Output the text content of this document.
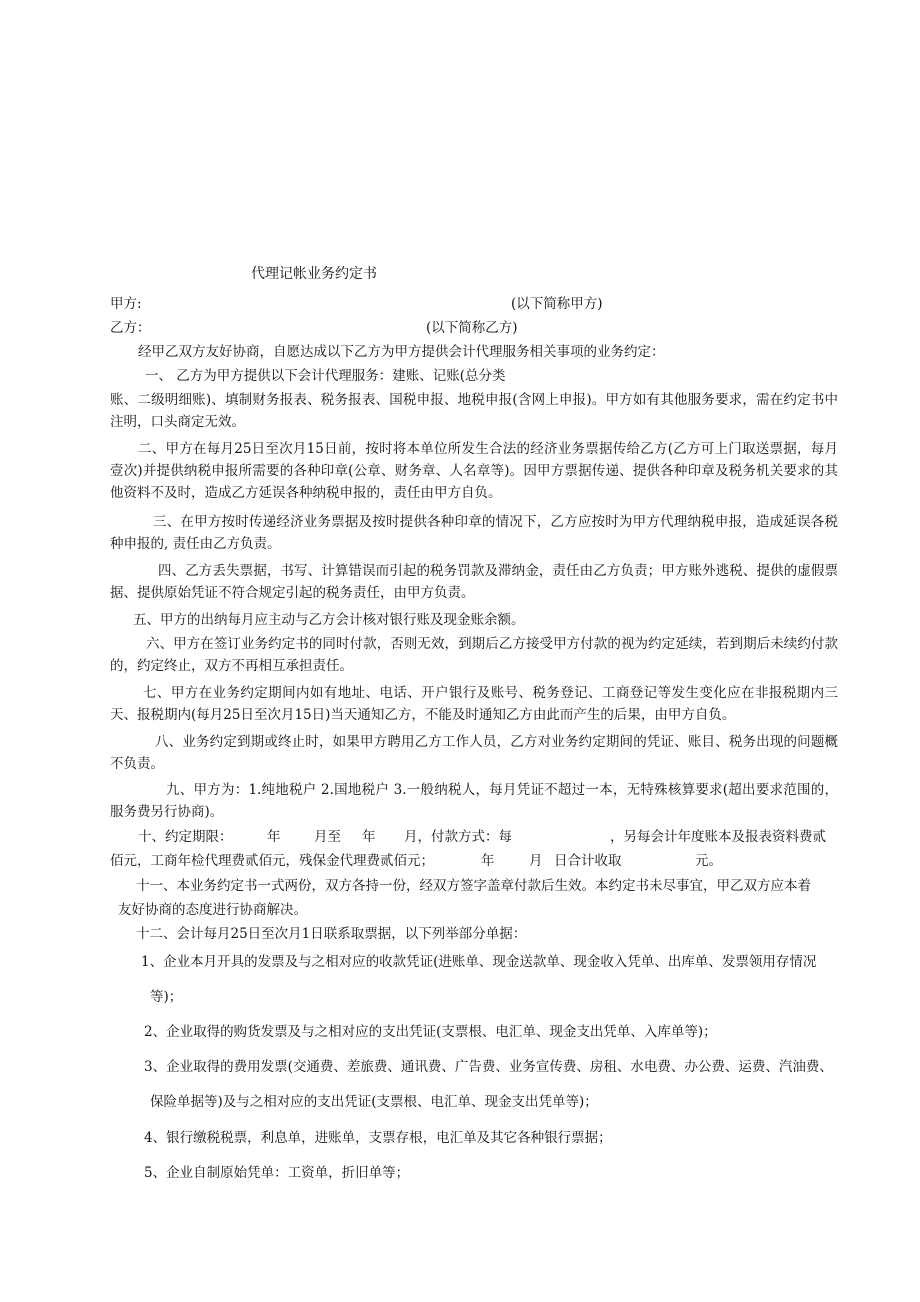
代理记帐业务约定书
甲方:	(以下简称甲方)
乙方：	(以下简称乙方)
经甲乙双方友好协商，自愿达成以下乙方为甲方提供会计代理服务相关事项的业务约定：
一、 乙方为甲方提供以下会计代理服务：建账、记账(总分类
账、二级明细账)、填制财务报表、税务报表、国税申报、地税申报(含网上申报)。甲方如有其他服务要求，需在约定书中注明，口头商定无效。
二、甲方在每月25日至次月15日前，按时将本单位所发生合法的经济业务票据传给乙方(乙方可上门取送票据，每月壹次)并提供纳税申报所需要的各种印章(公章、财务章、人名章等)。因甲方票据传递、提供各种印章及税务机关要求的其他资料不及时，造成乙方延误各种纳税申报的，责任由甲方自负。
三、在甲方按时传递经济业务票据及按时提供各种印章的情况下，乙方应按时为甲方代理纳税申报，造成延误各税种申报的, 责任由乙方负责。
四、乙方丢失票据，书写、计算错误而引起的税务罚款及滞纳金，责任由乙方负责；甲方账外逃税、提供的虚假票据、提供原始凭证不符合规定引起的税务责任，由甲方负责。
五、甲方的出纳每月应主动与乙方会计核对银行账及现金账余额。
六、甲方在签订业务约定书的同时付款，否则无效，到期后乙方接受甲方付款的视为约定延续，若到期后未续约付款的，约定终止，双方不再相互承担责任。
七、甲方在业务约定期间内如有地址、电话、开户银行及账号、税务登记、工商登记等发生变化应在非报税期内三天、报税期内(每月25日至次月15日)当天通知乙方，不能及时通知乙方由此而产生的后果，由甲方自负。
八、业务约定到期或终止时，如果甲方聘用乙方工作人员，乙方对业务约定期间的凭证、账目、税务出现的问题概不负责。
九、甲方为：1.纯地税户 2.国地税户 3.一般纳税人，每月凭证不超过一本，无特殊核算要求(超出要求范围的，服务费另行协商)。
十、约定期限：	年 月至 年 月，付款方式：每	，另每会计年度账本及报表资料费贰
佰元，工商年检代理费贰佰元，残保金代理费贰佰元；	年	月 日合计收取	元。
十一、本业务约定书一式两份，双方各持一份，经双方签字盖章付款后生效。本约定书未尽事宜，甲乙双方应本着
友好协商的态度进行协商解决。
十二、会计每月25日至次月1日联系取票据，以下列举部分单据：
1、企业本月开具的发票及与之相对应的收款凭证(进账单、现金送款单、现金收入凭单、出库单、发票领用存情况
等)；
2、企业取得的购货发票及与之相对应的支出凭证(支票根、电汇单、现金支出凭单、入库单等)；
3、企业取得的费用发票(交通费、差旅费、通讯费、广告费、业务宣传费、房租、水电费、办公费、运费、汽油费、
保险单据等)及与之相对应的支出凭证(支票根、电汇单、现金支出凭单等)；
4、银行缴税税票，利息单，进账单，支票存根，电汇单及其它各种银行票据；
5、企业自制原始凭单：工资单，折旧单等；
